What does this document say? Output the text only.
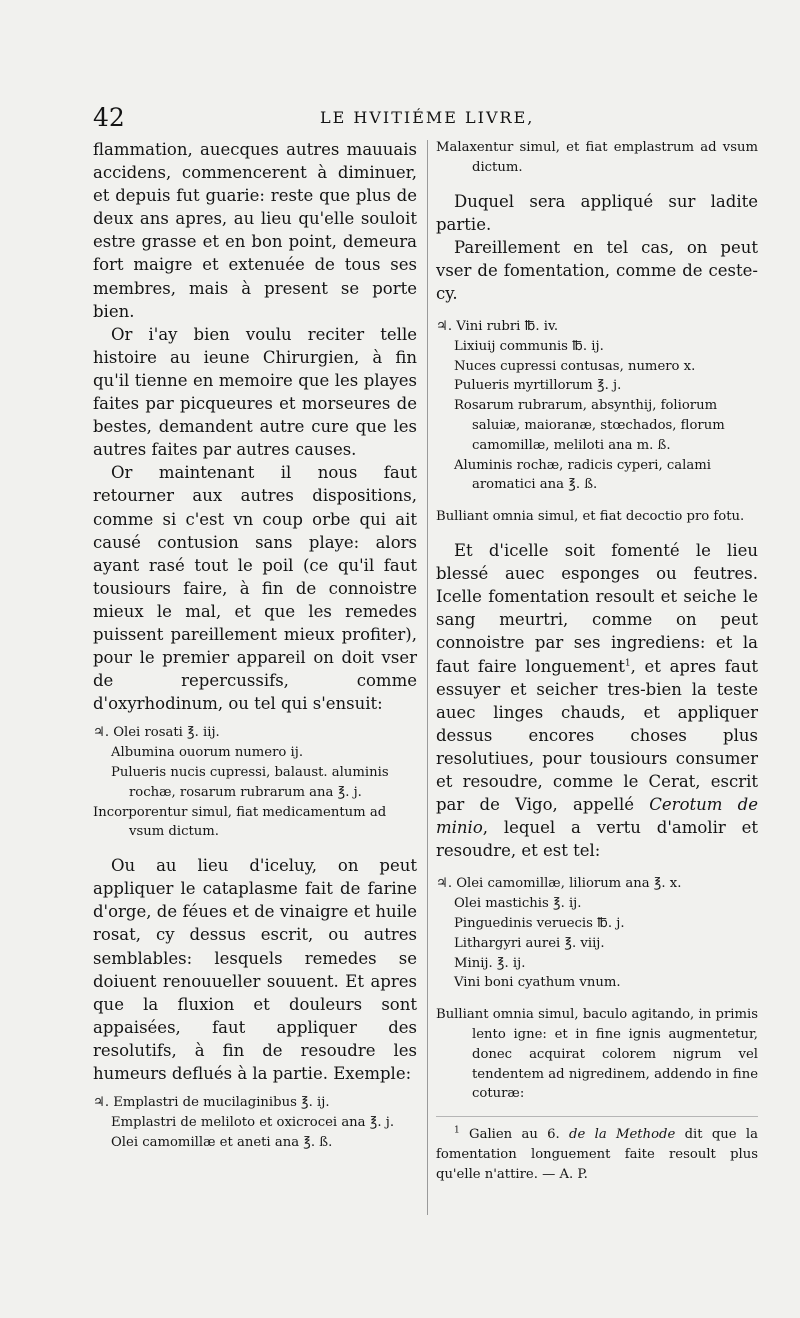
42	LE HVITIÉME LIVRE,

flammation, auecques autres mauuais accidens, commencerent à diminuer, et depuis fut guarie: reste que plus de deux ans apres, au lieu qu'elle souloit estre grasse et en bon point, demeura fort maigre et extenuée de tous ses membres, mais à present se porte bien.

Or i'ay bien voulu reciter telle histoire au ieune Chirurgien, à fin qu'il tienne en memoire que les playes faites par picqueures et morseures de bestes, demandent autre cure que les autres faites par autres causes.

Or maintenant il nous faut retourner aux autres dispositions, comme si c'est vn coup orbe qui ait causé contusion sans playe: alors ayant rasé tout le poil (ce qu'il faut tousiours faire, à fin de connoistre mieux le mal, et que les remedes puissent pareillement mieux profiter), pour le premier appareil on doit vser de repercussifs, comme d'oxyrhodinum, ou tel qui s'ensuit:

♃. Olei rosati ℥. iij.
Albumina ouorum numero ij.
Pulueris nucis cupressi, balaust. aluminis rochæ, rosarum rubrarum ana ℥. j.
Incorporentur simul, fiat medicamentum ad vsum dictum.

Ou au lieu d'iceluy, on peut appliquer le cataplasme fait de farine d'orge, de féues et de vinaigre et huile rosat, cy dessus escrit, ou autres semblables: lesquels remedes se doiuent renouueller souuent. Et apres que la fluxion et douleurs sont appaisées, faut appliquer des resolutifs, à fin de resoudre les humeurs deflués à la partie. Exemple:

♃. Emplastri de mucilaginibus ℥. ij.
Emplastri de meliloto et oxicrocei ana ℥. j.
Olei camomillæ et aneti ana ℥. ß.
Malaxentur simul, et fiat emplastrum ad vsum dictum.

Duquel sera appliqué sur ladite partie.

Pareillement en tel cas, on peut vser de fomentation, comme de ceste-cy.

♃. Vini rubri ℔. iv.
Lixiuij communis ℔. ij.
Nuces cupressi contusas, numero x.
Pulueris myrtillorum ℥. j.
Rosarum rubrarum, absynthij, foliorum saluiæ, maioranæ, stœchados, florum camomillæ, meliloti ana m. ß.
Aluminis rochæ, radicis cyperi, calami aromatici ana ℥. ß.
Bulliant omnia simul, et fiat decoctio pro fotu.

Et d'icelle soit fomenté le lieu blessé auec esponges ou feutres. Icelle fomentation resoult et seiche le sang meurtri, comme on peut connoistre par ses ingrediens: et la faut faire longuement$^1$, et apres faut essuyer et seicher tres-bien la teste auec linges chauds, et appliquer dessus encores choses plus resolutiues, pour tousiours consumer et resoudre, comme le Cerat, escrit par de Vigo, appellé Cerotum de minio, lequel a vertu d'amolir et resoudre, et est tel:

♃. Olei camomillæ, liliorum ana ℥. x.
Olei mastichis ℥. ij.
Pinguedinis veruecis ℔. j.
Lithargyri aurei ℥. viij.
Minij. ℥. ij.
Vini boni cyathum vnum.
Bulliant omnia simul, baculo agitando, in primis lento igne: et in fine ignis augmentetur, donec acquirat colorem nigrum vel tendentem ad nigredinem, addendo in fine coturæ:
$^1$ Galien au 6. de la Methode dit que la fomentation longuement faite resoult plus qu'elle n'attire. — A. P.
